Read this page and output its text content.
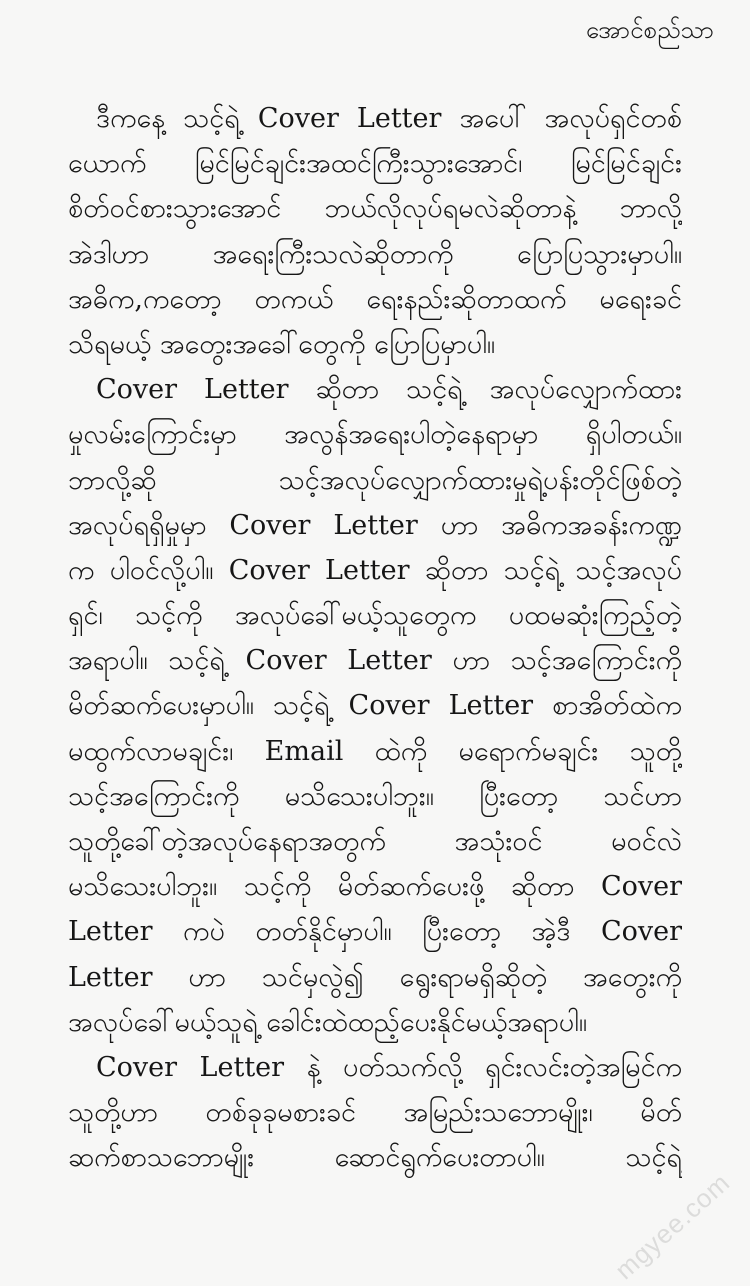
အောင်စည်သာ
ဒီကနေ့ သင့်ရဲ့ Cover Letter အပေါ် အလုပ်ရှင်တစ်
ယောက် မြင်မြင်ချင်းအထင်ကြီးသွားအောင်၊ မြင်မြင်ချင်း
စိတ်ဝင်စားသွားအောင် ဘယ်လိုလုပ်ရမလဲဆိုတာနဲ့ ဘာလို့
အဲဒါဟာ အရေးကြီးသလဲဆိုတာကို ပြောပြသွားမှာပါ။
အဓိက,ကတော့ တကယ် ရေးနည်းဆိုတာထက် မရေးခင်
သိရမယ့် အတွေးအခေါ်တွေကို ပြောပြမှာပါ။
Cover Letter ဆိုတာ သင့်ရဲ့ အလုပ်လျှောက်ထား
မှုလမ်းကြောင်းမှာ အလွန်အရေးပါတဲ့နေရာမှာ ရှိပါတယ်။
ဘာလို့ဆို သင့်အလုပ်လျှောက်ထားမှုရဲ့ပန်းတိုင်ဖြစ်တဲ့
အလုပ်ရရှိမှုမှာ Cover Letter ဟာ အဓိကအခန်းကဏ္ဍ
က ပါဝင်လို့ပါ။ Cover Letter ဆိုတာ သင့်ရဲ့ သင့်အလုပ်
ရှင်၊ သင့်ကို အလုပ်ခေါ်မယ့်သူတွေက ပထမဆုံးကြည့်တဲ့
အရာပါ။ သင့်ရဲ့ Cover Letter ဟာ သင့်အကြောင်းကို
မိတ်ဆက်ပေးမှာပါ။ သင့်ရဲ့ Cover Letter စာအိတ်ထဲက
မထွက်လာမချင်း၊ Email ထဲကို မရောက်မချင်း သူတို့
သင့်အကြောင်းကို မသိသေးပါဘူး။ ပြီးတော့ သင်ဟာ
သူတို့ခေါ်တဲ့အလုပ်နေရာအတွက် အသုံးဝင် မဝင်လဲ
မသိသေးပါဘူး။ သင့်ကို မိတ်ဆက်ပေးဖို့ ဆိုတာ Cover
Letter ကပဲ တတ်နိုင်မှာပါ။ ပြီးတော့ အဲ့ဒီ Cover
Letter ဟာ သင်မှလွဲ၍ ရွေးရာမရှိဆိုတဲ့ အတွေးကို
အလုပ်ခေါ်မယ့်သူရဲ့ ခေါင်းထဲထည့်ပေးနိုင်မယ့်အရာပါ။
Cover Letter နဲ့ ပတ်သက်လို့ ရှင်းလင်းတဲ့အမြင်က
သူတို့ဟာ တစ်ခုခုမစားခင် အမြည်းသဘောမျိုး၊ မိတ်
ဆက်စာသဘောမျိုး ဆောင်ရွက်ပေးတာပါ။ သင့်ရဲ့
mgyee.com
